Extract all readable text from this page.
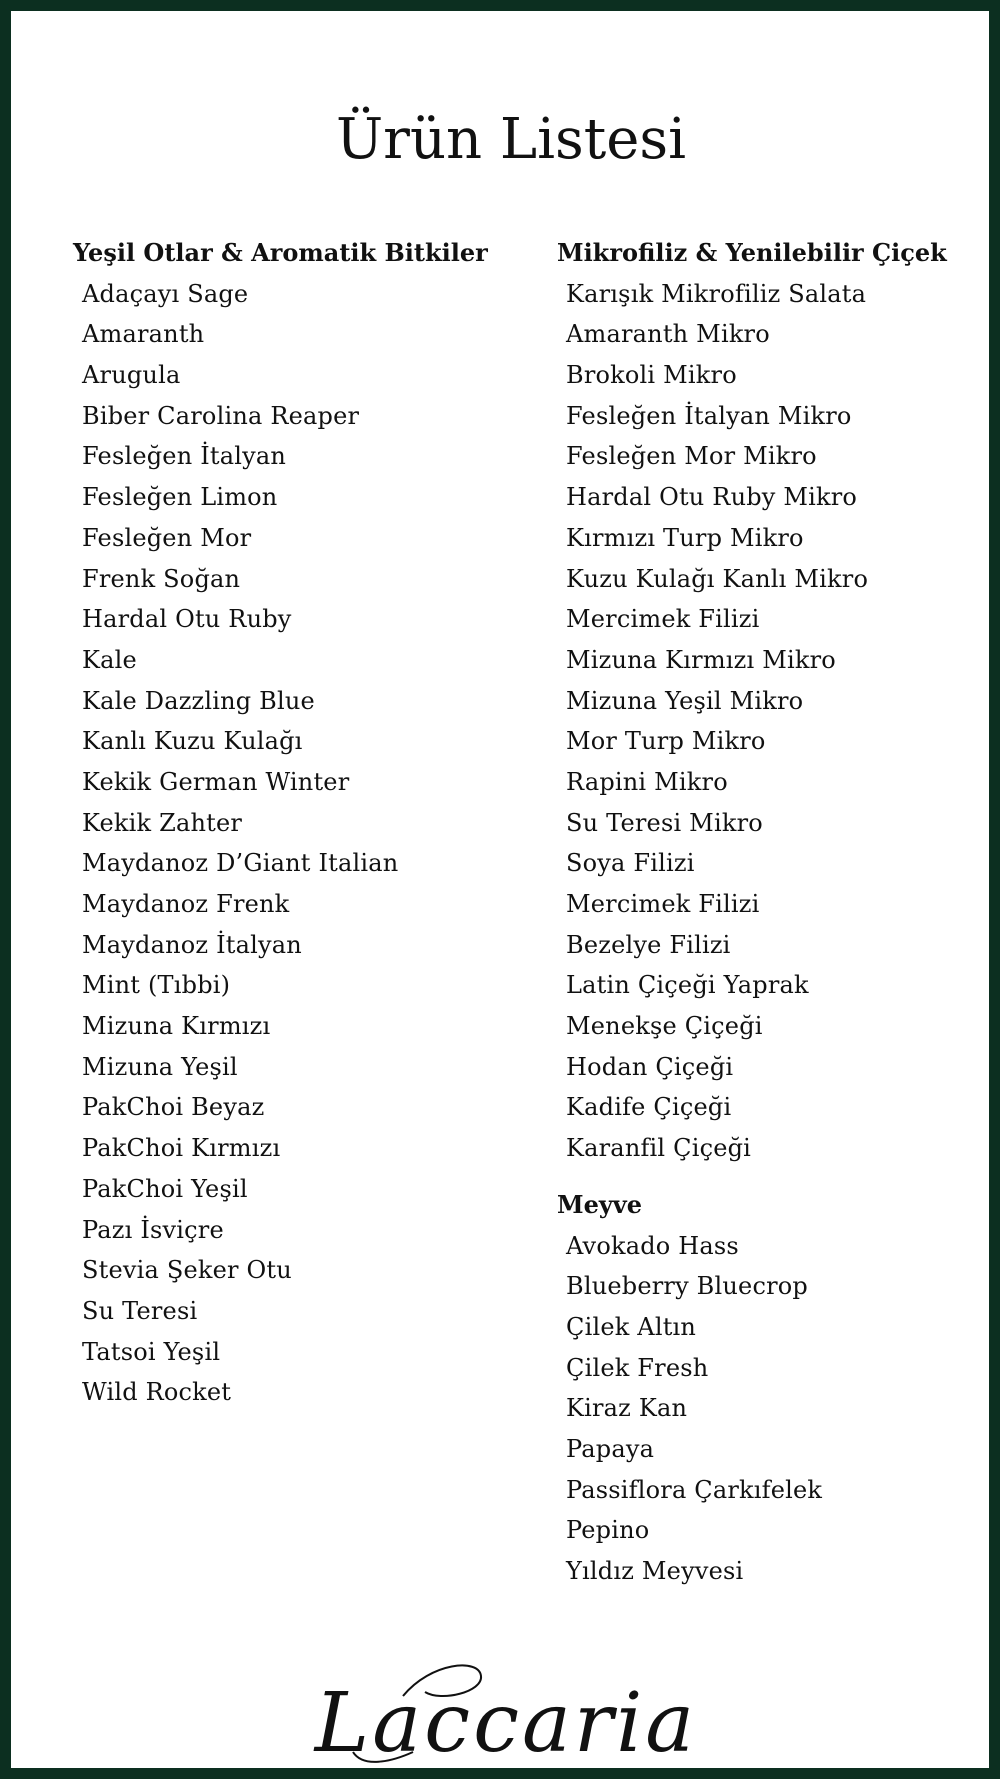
Ürün Listesi
Yeşil Otlar & Aromatik Bitkiler
Adaçayı Sage
Amaranth
Arugula
Biber Carolina Reaper
Fesleğen İtalyan
Fesleğen Limon
Fesleğen Mor
Frenk Soğan
Hardal Otu Ruby
Kale
Kale Dazzling Blue
Kanlı Kuzu Kulağı
Kekik German Winter
Kekik Zahter
Maydanoz D’Giant Italian
Maydanoz Frenk
Maydanoz İtalyan
Mint (Tıbbi)
Mizuna Kırmızı
Mizuna Yeşil
PakChoi Beyaz
PakChoi Kırmızı
PakChoi Yeşil
Pazı İsviçre
Stevia Şeker Otu
Su Teresi
Tatsoi Yeşil
Wild Rocket
Mikrofiliz & Yenilebilir Çiçek
Karışık Mikrofiliz Salata
Amaranth Mikro
Brokoli Mikro
Fesleğen İtalyan Mikro
Fesleğen Mor Mikro
Hardal Otu Ruby Mikro
Kırmızı Turp Mikro
Kuzu Kulağı Kanlı Mikro
Mercimek Filizi
Mizuna Kırmızı Mikro
Mizuna Yeşil Mikro
Mor Turp Mikro
Rapini Mikro
Su Teresi Mikro
Soya Filizi
Mercimek Filizi
Bezelye Filizi
Latin Çiçeği Yaprak
Menekşe Çiçeği
Hodan Çiçeği
Kadife Çiçeği
Karanfil Çiçeği
Meyve
Avokado Hass
Blueberry Bluecrop
Çilek Altın
Çilek Fresh
Kiraz Kan
Papaya
Passiflora Çarkıfelek
Pepino
Yıldız Meyvesi
Laccaria
